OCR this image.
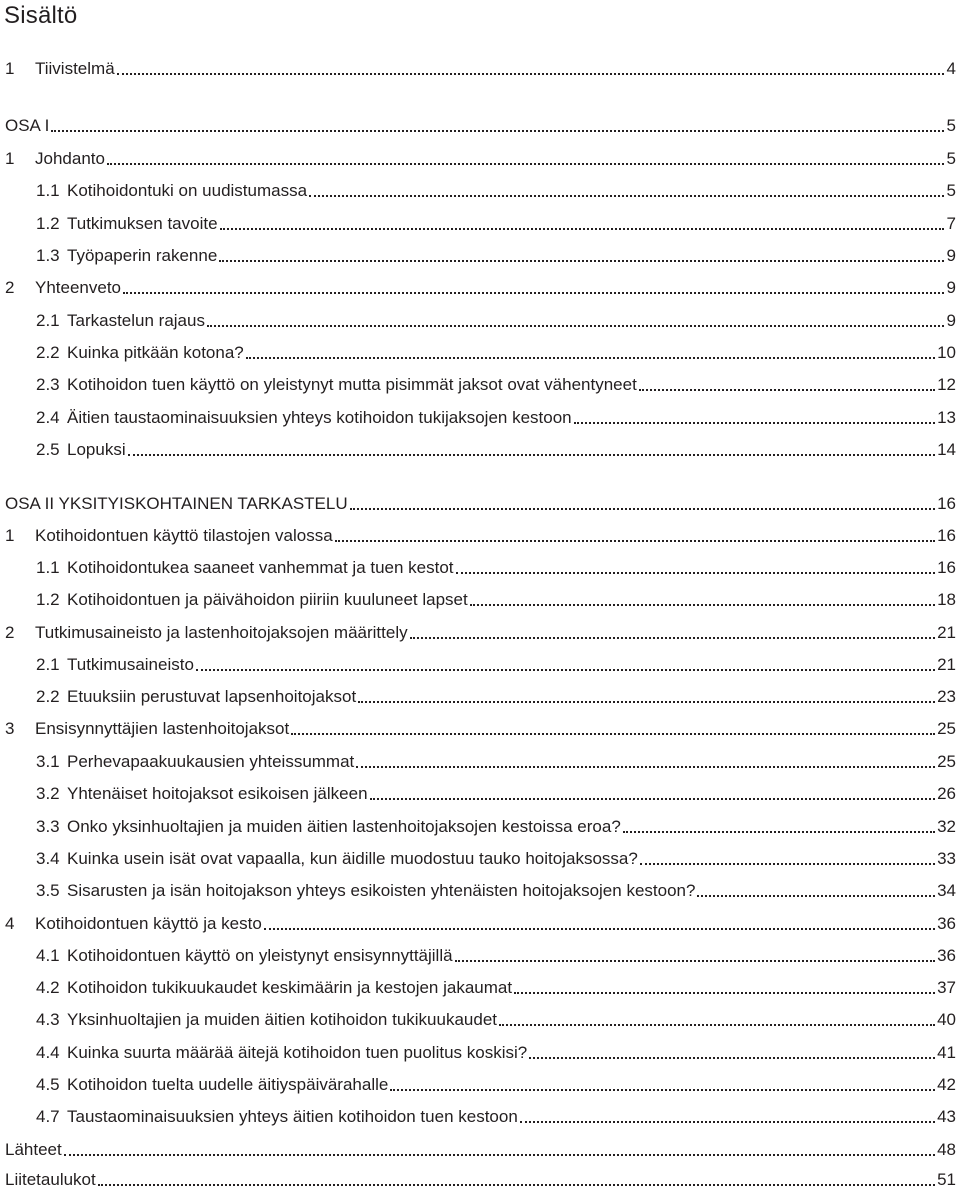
Sisältö
1	Tiivistelmä	4
OSA I	5
1	Johdanto	5
1.1 Kotihoidontuki on uudistumassa	5
1.2 Tutkimuksen tavoite	7
1.3 Työpaperin rakenne	9
2	Yhteenveto	9
2.1 Tarkastelun rajaus	9
2.2 Kuinka pitkään kotona?	10
2.3 Kotihoidon tuen käyttö on yleistynyt mutta pisimmät jaksot ovat vähentyneet	12
2.4 Äitien taustaominaisuuksien yhteys kotihoidon tukijaksojen kestoon	13
2.5 Lopuksi	14
OSA II YKSITYISKOHTAINEN TARKASTELU	16
1	Kotihoidontuen käyttö tilastojen valossa	16
1.1 Kotihoidontukea saaneet vanhemmat ja tuen kestot	16
1.2 Kotihoidontuen ja päivähoidon piiriin kuuluneet lapset	18
2	Tutkimusaineisto ja lastenhoitojaksojen määrittely	21
2.1 Tutkimusaineisto	21
2.2 Etuuksiin perustuvat lapsenhoitojaksot	23
3	Ensisynnyttäjien lastenhoitojaksot	25
3.1 Perhevapaakuukausien yhteissummat	25
3.2 Yhtenäiset hoitojaksot esikoisen jälkeen	26
3.3 Onko yksinhuoltajien ja muiden äitien lastenhoitojaksojen kestoissa eroa?	32
3.4 Kuinka usein isät ovat vapaalla, kun äidille muodostuu tauko hoitojaksossa?	33
3.5 Sisarusten ja isän hoitojakson yhteys esikoisten yhtenäisten hoitojaksojen kestoon?	34
4	Kotihoidontuen käyttö ja kesto	36
4.1 Kotihoidontuen käyttö on yleistynyt ensisynnyttäjillä	36
4.2 Kotihoidon tukikuukaudet keskimäärin ja kestojen jakaumat	37
4.3 Yksinhuoltajien ja muiden äitien kotihoidon tukikuukaudet	40
4.4 Kuinka suurta määrää äitejä kotihoidon tuen puolitus koskisi?	41
4.5 Kotihoidon tuelta uudelle äitiyspäivärahalle	42
4.7 Taustaominaisuuksien yhteys äitien kotihoidon tuen kestoon	43
Lähteet	48
Liitetaulukot	51
